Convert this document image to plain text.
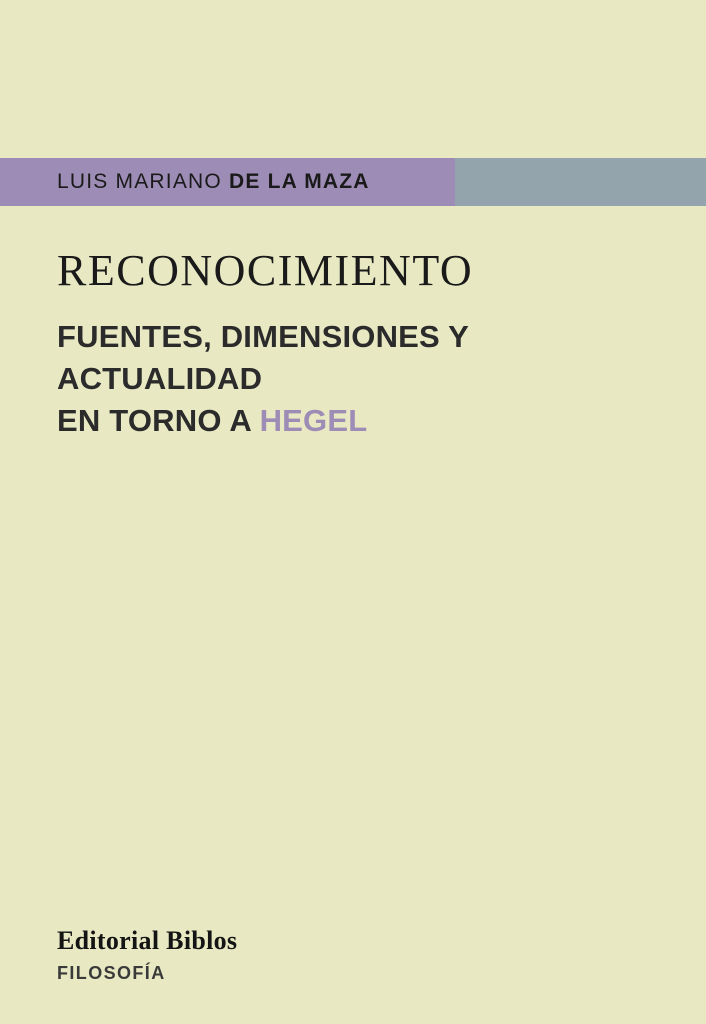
LUIS MARIANO DE LA MAZA
RECONOCIMIENTO

FUENTES, DIMENSIONES Y ACTUALIDAD
EN TORNO A HEGEL

Editorial Biblos

FILOSOFÍA
